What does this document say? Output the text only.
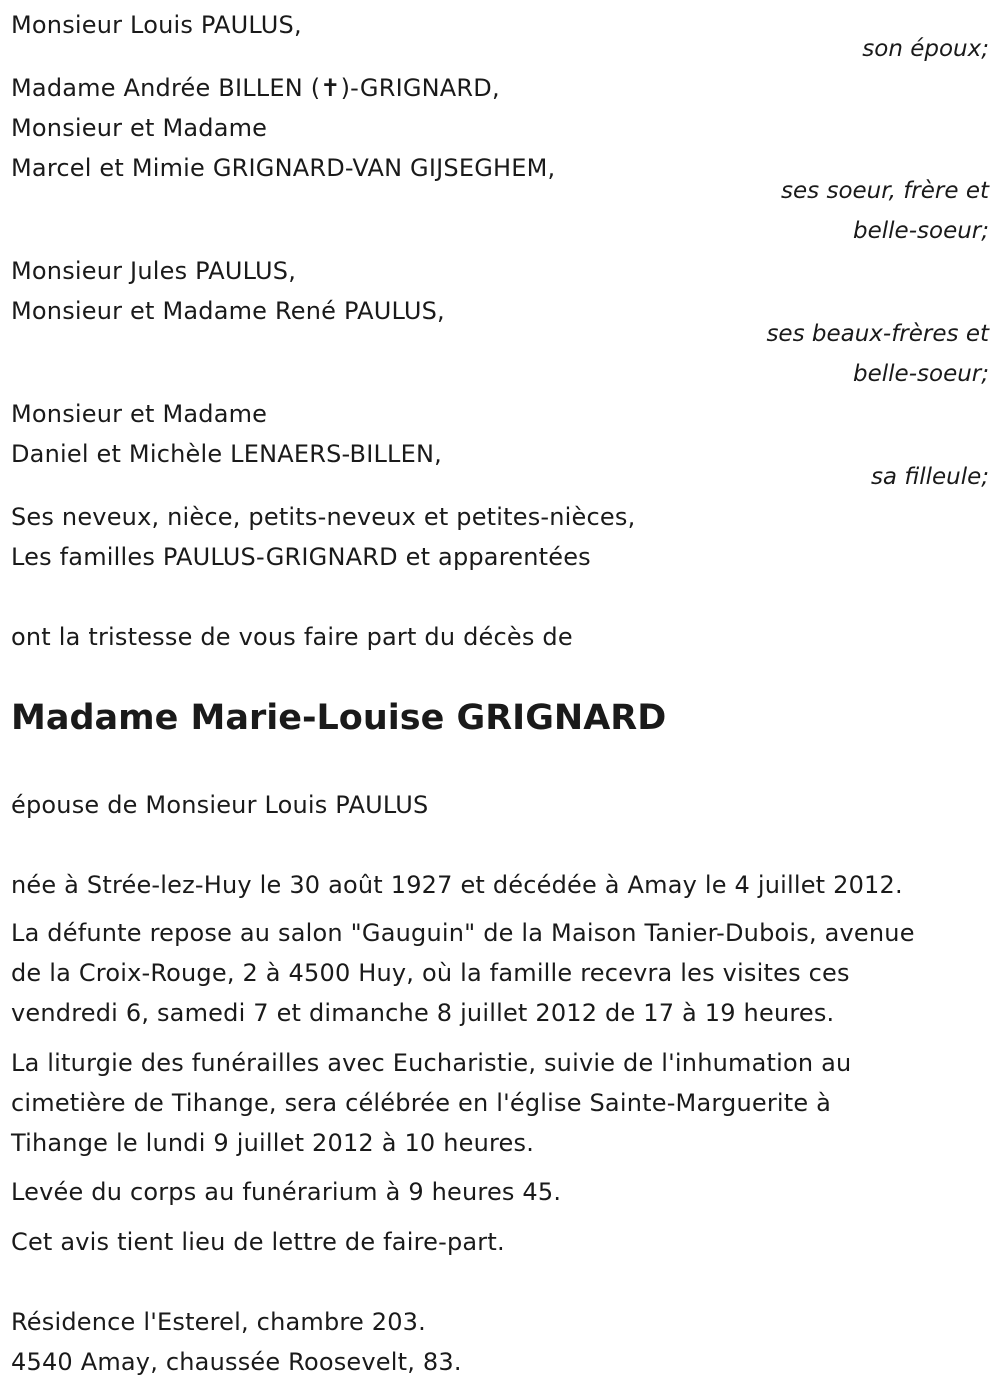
Monsieur Louis PAULUS,
son époux;
Madame Andrée BILLEN (✝)-GRIGNARD,
Monsieur et Madame
Marcel et Mimie GRIGNARD-VAN GIJSEGHEM,
ses soeur, frère et
belle-soeur;
Monsieur Jules PAULUS,
Monsieur et Madame René PAULUS,
ses beaux-frères et
belle-soeur;
Monsieur et Madame
Daniel et Michèle LENAERS-BILLEN,
sa filleule;
Ses neveux, nièce, petits-neveux et petites-nièces,
Les familles PAULUS-GRIGNARD et apparentées
ont la tristesse de vous faire part du décès de
Madame Marie-Louise GRIGNARD
épouse de Monsieur Louis PAULUS
née à Strée-lez-Huy le 30 août 1927 et décédée à Amay le 4 juillet 2012.
La défunte repose au salon "Gauguin" de la Maison Tanier-Dubois, avenue
de la Croix-Rouge, 2 à 4500 Huy, où la famille recevra les visites ces
vendredi 6, samedi 7 et dimanche 8 juillet 2012 de 17 à 19 heures.
La liturgie des funérailles avec Eucharistie, suivie de l'inhumation au
cimetière de Tihange, sera célébrée en l'église Sainte-Marguerite à
Tihange le lundi 9 juillet 2012 à 10 heures.
Levée du corps au funérarium à 9 heures 45.
Cet avis tient lieu de lettre de faire-part.
Résidence l'Esterel, chambre 203.
4540 Amay, chaussée Roosevelt, 83.
